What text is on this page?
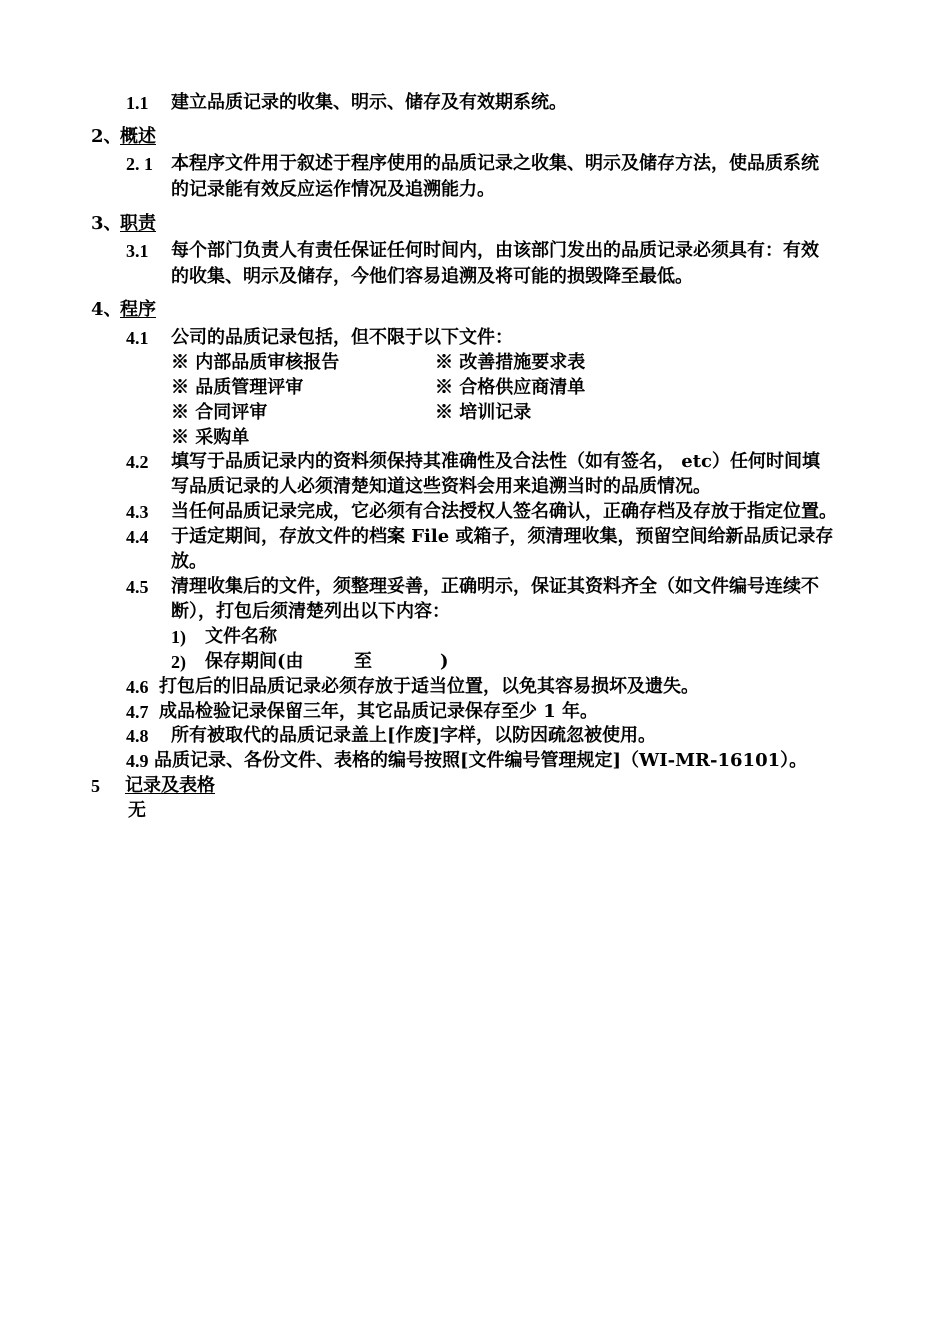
1.1 建立品质记录的收集、明示、储存及有效期系统。
2、
概述
2. 1 本程序文件用于叙述于程序使用的品质记录之收集、明示及储存方法，使品质系统
的记录能有效反应运作情况及追溯能力。
3、
职责
3.1 每个部门负责人有责任保证任何时间内，由该部门发出的品质记录必须具有：有效
的收集、明示及储存，今他们容易追溯及将可能的损毁降至最低。
4、
程序
4.1 公司的品质记录包括，但不限于以下文件：
※ 内部品质审核报告	※ 改善措施要求表
※ 品质管理评审	※ 合格供应商清单
※ 合同评审	※ 培训记录
※ 采购单
4.2 填写于品质记录内的资料须保持其准确性及合法性（如有签名， etc）任何时间填
写品质记录的人必须清楚知道这些资料会用来追溯当时的品质情况。
4.3 当任何品质记录完成，它必须有合法授权人签名确认，正确存档及存放于指定位置。
4.4 于适定期间，存放文件的档案 File 或箱子，须清理收集，预留空间给新品质记录存
放。
4.5 清理收集后的文件，须整理妥善，正确明示，保证其资料齐全（如文件编号连续不
断），打包后须清楚列出以下内容：
1) 文件名称
2) 保存期间(由	至	)
4.6 打包后的旧品质记录必须存放于适当位置，以免其容易损坏及遗失。
4.7 成品检验记录保留三年，其它品质记录保存至少 1 年。
4.8 所有被取代的品质记录盖上[作废]字样，以防因疏忽被使用。
4.9 品质记录、各份文件、表格的编号按照[文件编号管理规定]（WI-MR-16101）。
5 记录及表格
无
